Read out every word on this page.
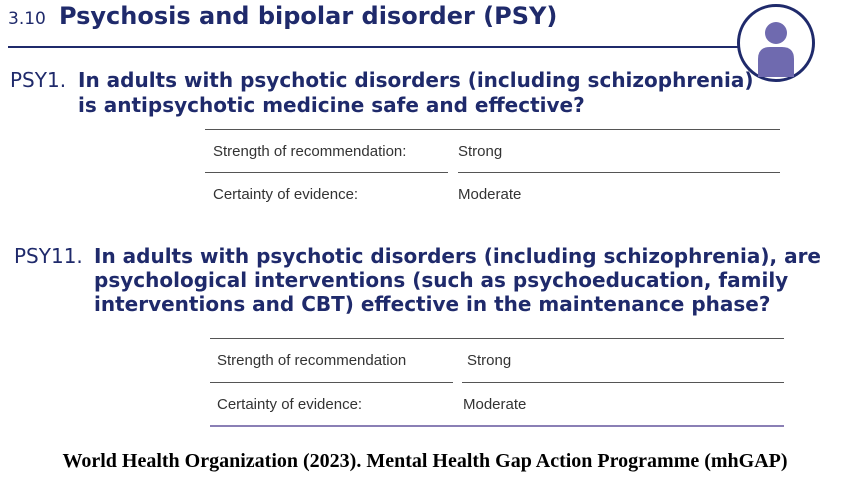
3.10 Psychosis and bipolar disorder (PSY)
PSY1. In adults with psychotic disorders (including schizophrenia)
is antipsychotic medicine safe and effective?
Strength of recommendation:	Strong
Certainty of evidence:	Moderate
PSY11. In adults with psychotic disorders (including schizophrenia), are
psychological interventions (such as psychoeducation, family
interventions and CBT) effective in the maintenance phase?
Strength of recommendation	Strong
Certainty of evidence:	Moderate
World Health Organization (2023). Mental Health Gap Action Programme (mhGAP)
